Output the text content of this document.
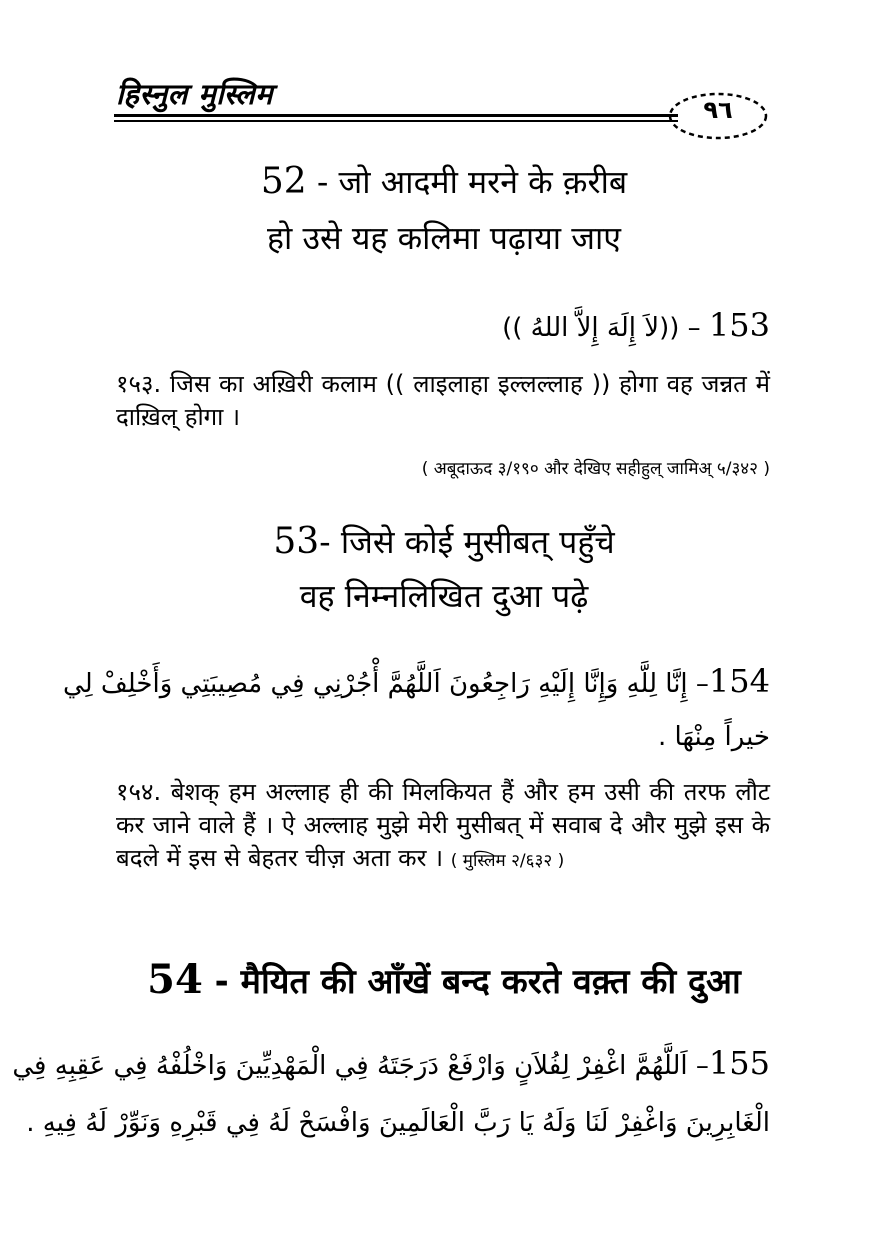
हिस्नुल मुस्लिम	٩٦
52 - जो आदमी मरने के क़रीब
हो उसे यह कलिमा पढ़ाया जाए
153 – ((لاَ إِلَهَ إِلاَّ اللهُ ))
१५३. जिस का अख़िरी कलाम (( लाइलाहा इल्लल्लाह )) होगा वह जन्नत में दाख़िल् होगा ।
( अबूदाऊद ३/१९० और देखिए सहीहुल् जामिअ् ५/३४२ )
53- जिसे कोई मुसीबत् पहुँचे
वह निम्नलिखित दुआ पढ़े
154– إِنَّا لِلَّهِ وَإِنَّا إِلَيْهِ رَاجِعُونَ اَللَّهُمَّ أْجُرْنِي فِي مُصِيبَتِي وَأَخْلِفْ لِي
خيراً مِنْهَا .
१५४. बेशक् हम अल्लाह ही की मिलकियत हैं और हम उसी की तरफ लौट कर जाने वाले हैं । ऐ अल्लाह मुझे मेरी मुसीबत् में सवाब दे और मुझे इस के बदले में इस से बेहतर चीज़ अता कर । ( मुस्लिम २/६३२ )
54 - मैयित की आँखें बन्द करते वक़्त की दुआ
155– اَللَّهُمَّ اغْفِرْ لِفُلاَنٍ وَارْفَعْ دَرَجَتَهُ فِي الْمَهْدِيِّينَ وَاخْلُفْهُ فِي عَقِبِهِ فِي
الْغَابِرِينَ وَاغْفِرْ لَنَا وَلَهُ يَا رَبَّ الْعَالَمِينَ وَافْسَحْ لَهُ فِي قَبْرِهِ وَنَوِّرْ لَهُ فِيهِ .
